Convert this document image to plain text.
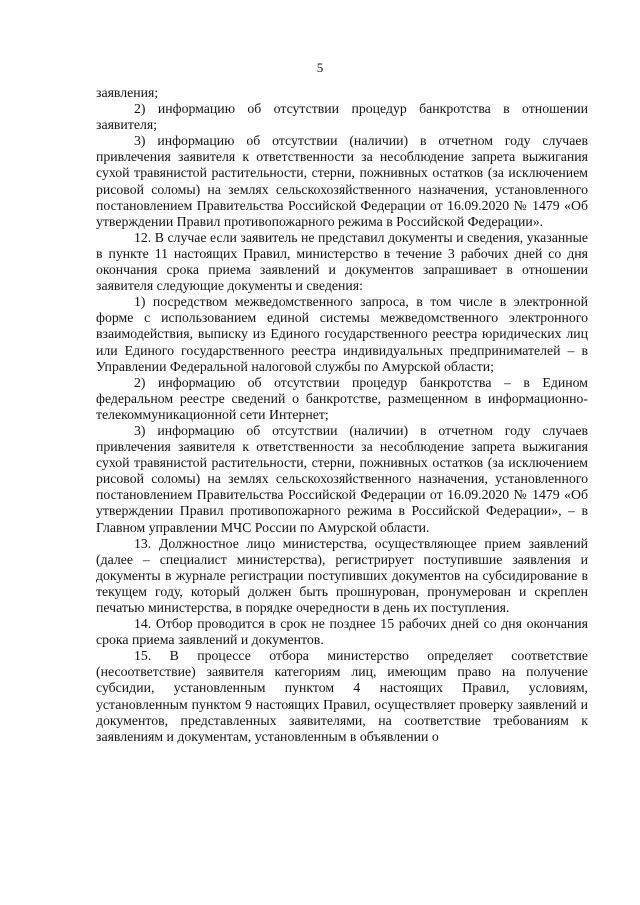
5

заявления;

2) информацию об отсутствии процедур банкротства в отношении заявителя;

3) информацию об отсутствии (наличии) в отчетном году случаев привлечения заявителя к ответственности за несоблюдение запрета выжигания сухой травянистой растительности, стерни, пожнивных остатков (за исключением рисовой соломы) на землях сельскохозяйственного назначения, установленного постановлением Правительства Российской Федерации от 16.09.2020 № 1479 «Об утверждении Правил противопожарного режима в Российской Федерации».

12. В случае если заявитель не представил документы и сведения, указанные в пункте 11 настоящих Правил, министерство в течение 3 рабочих дней со дня окончания срока приема заявлений и документов запрашивает в отношении заявителя следующие документы и сведения:

1) посредством межведомственного запроса, в том числе в электронной форме с использованием единой системы межведомственного электронного взаимодействия, выписку из Единого государственного реестра юридических лиц или Единого государственного реестра индивидуальных предпринимателей – в Управлении Федеральной налоговой службы по Амурской области;

2) информацию об отсутствии процедур банкротства – в Едином федеральном реестре сведений о банкротстве, размещенном в информационно-телекоммуникационной сети Интернет;

3) информацию об отсутствии (наличии) в отчетном году случаев привлечения заявителя к ответственности за несоблюдение запрета выжигания сухой травянистой растительности, стерни, пожнивных остатков (за исключением рисовой соломы) на землях сельскохозяйственного назначения, установленного постановлением Правительства Российской Федерации от 16.09.2020 № 1479 «Об утверждении Правил противопожарного режима в Российской Федерации», – в Главном управлении МЧС России по Амурской области.

13. Должностное лицо министерства, осуществляющее прием заявлений (далее – специалист министерства), регистрирует поступившие заявления и документы в журнале регистрации поступивших документов на субсидирование в текущем году, который должен быть прошнурован, пронумерован и скреплен печатью министерства, в порядке очередности в день их поступления.

14. Отбор проводится в срок не позднее 15 рабочих дней со дня окончания срока приема заявлений и документов.

15. В процессе отбора министерство определяет соответствие (несоответствие) заявителя категориям лиц, имеющим право на получение субсидии, установленным пунктом 4 настоящих Правил, условиям, установленным пунктом 9 настоящих Правил, осуществляет проверку заявлений и документов, представленных заявителями, на соответствие требованиям к заявлениям и документам, установленным в объявлении о
